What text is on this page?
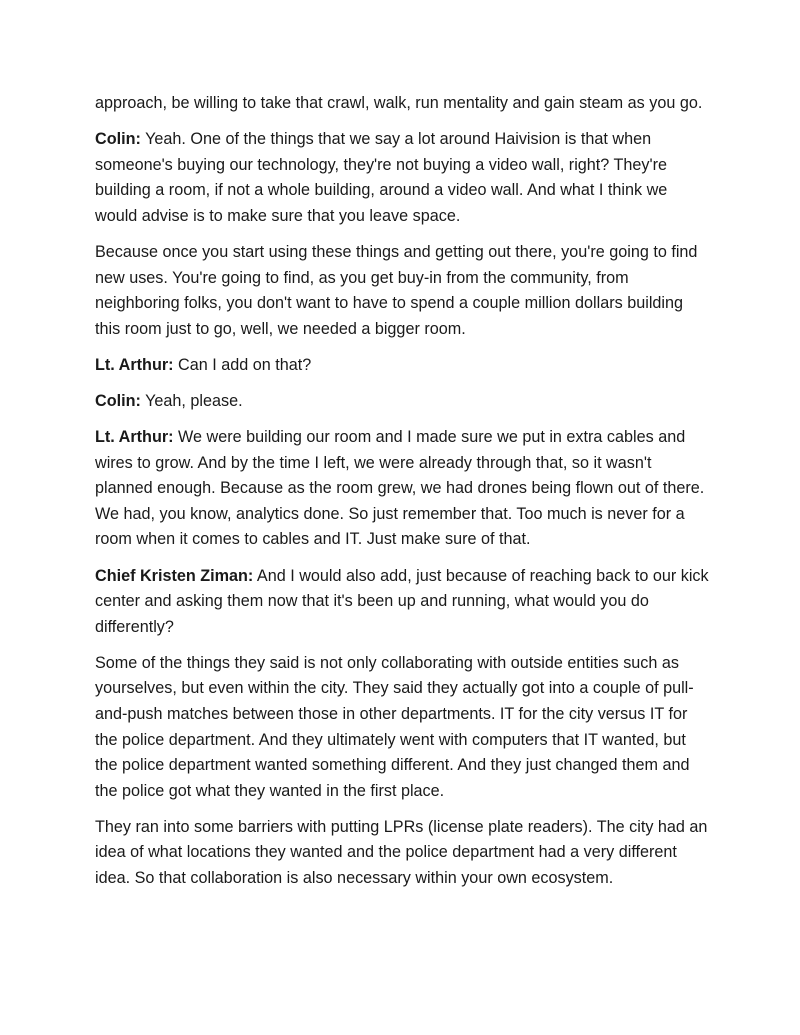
approach, be willing to take that crawl, walk, run mentality and gain steam as you go.

Colin: Yeah. One of the things that we say a lot around Haivision is that when someone's buying our technology, they're not buying a video wall, right? They're building a room, if not a whole building, around a video wall. And what I think we would advise is to make sure that you leave space.

Because once you start using these things and getting out there, you're going to find new uses. You're going to find, as you get buy-in from the community, from neighboring folks, you don't want to have to spend a couple million dollars building this room just to go, well, we needed a bigger room.

Lt. Arthur: Can I add on that?

Colin: Yeah, please.

Lt. Arthur: We were building our room and I made sure we put in extra cables and wires to grow. And by the time I left, we were already through that, so it wasn't planned enough. Because as the room grew, we had drones being flown out of there. We had, you know, analytics done. So just remember that. Too much is never for a room when it comes to cables and IT. Just make sure of that.

Chief Kristen Ziman: And I would also add, just because of reaching back to our kick center and asking them now that it's been up and running, what would you do differently?

Some of the things they said is not only collaborating with outside entities such as yourselves, but even within the city. They said they actually got into a couple of pull-and-push matches between those in other departments. IT for the city versus IT for the police department. And they ultimately went with computers that IT wanted, but the police department wanted something different. And they just changed them and the police got what they wanted in the first place.

They ran into some barriers with putting LPRs (license plate readers). The city had an idea of what locations they wanted and the police department had a very different idea. So that collaboration is also necessary within your own ecosystem.
